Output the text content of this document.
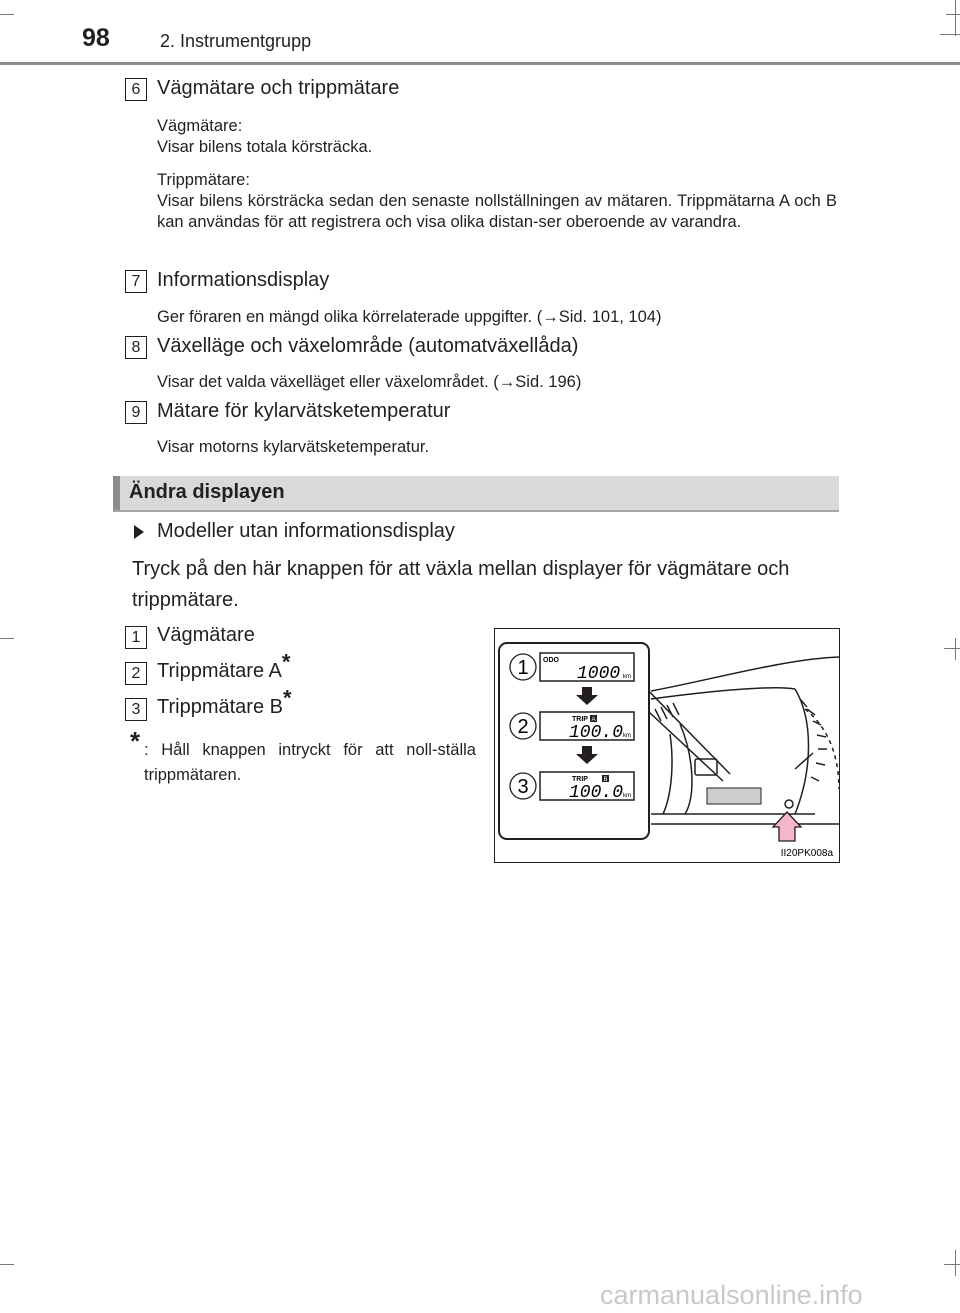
98	2. Instrumentgrupp
6 Vägmätare och trippmätare
Vägmätare:
Visar bilens totala körsträcka.
Trippmätare:
Visar bilens körsträcka sedan den senaste nollställningen av mätaren. Trippmätarna A och B kan användas för att registrera och visa olika distan-ser oberoende av varandra.
7 Informationsdisplay
Ger föraren en mängd olika körrelaterade uppgifter. (→Sid. 101, 104)
8 Växelläge och växelområde (automatväxellåda)
Visar det valda växelläget eller växelområdet. (→Sid. 196)
9 Mätare för kylarvätsketemperatur
Visar motorns kylarvätsketemperatur.
Ändra displayen
Modeller utan informationsdisplay
Tryck på den här knappen för att växla mellan displayer för vägmätare och trippmätare.
1 Vägmätare
2 Trippmätare A*
3 Trippmätare B*
* : Håll knappen intryckt för att noll-ställa trippmätaren.
1 ODO
1000 km
2	TRIP A
100.0 km
3	TRIP	B
100.0 km
II20PK008a
carmanualsonline.info
